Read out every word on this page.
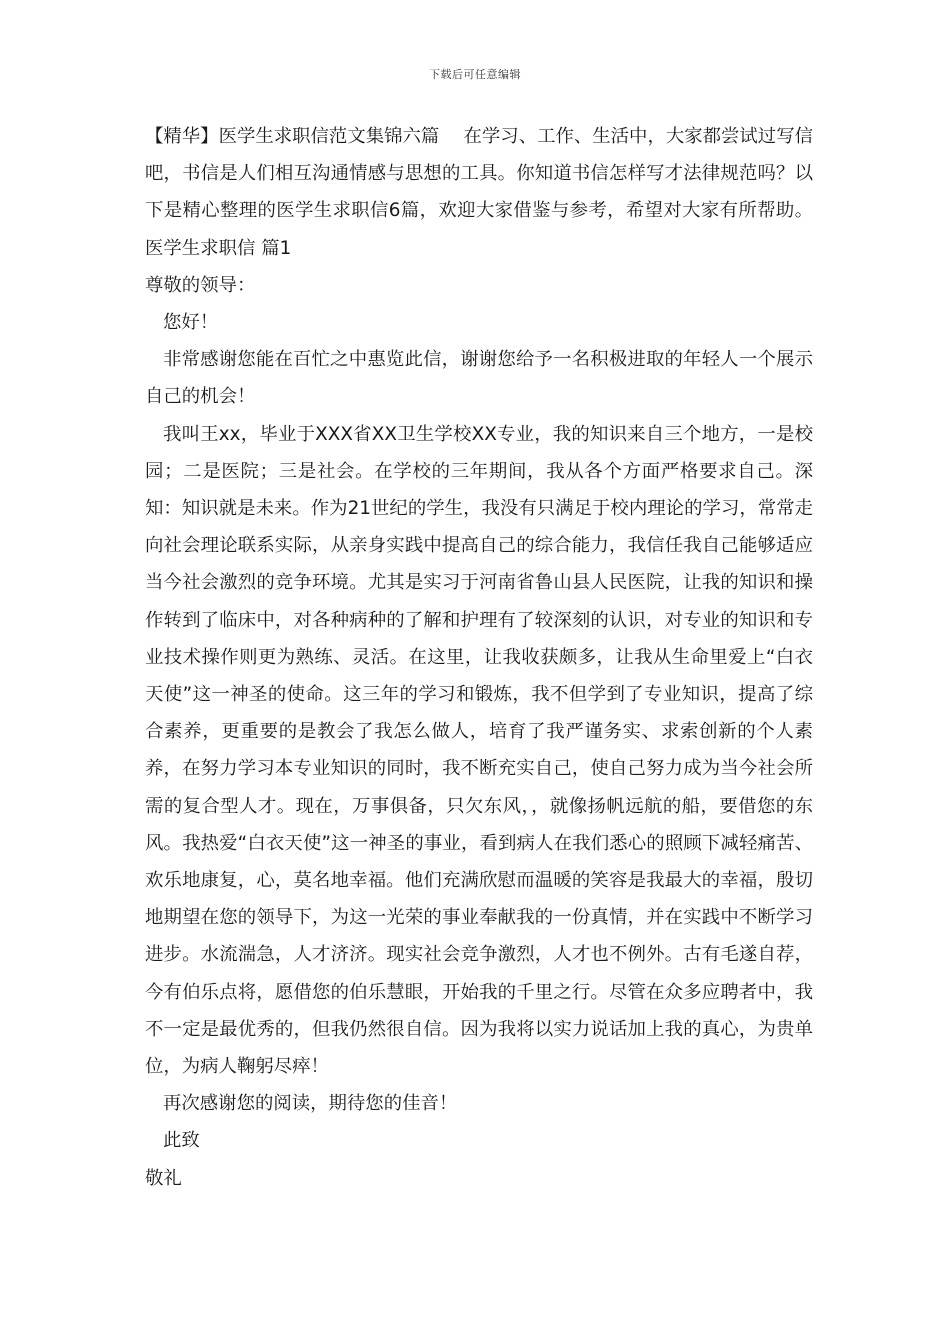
下载后可任意编辑

【精华】医学生求职信范文集锦六篇　 在学习、工作、生活中，大家都尝试过写信吧，书信是人们相互沟通情感与思想的工具。你知道书信怎样写才法律规范吗？以下是精心整理的医学生求职信6篇，欢迎大家借鉴与参考，希望对大家有所帮助。医学生求职信 篇1

尊敬的领导：

您好！

非常感谢您能在百忙之中惠览此信，谢谢您给予一名积极进取的年轻人一个展示自己的机会！

我叫王xx，毕业于XXX省XX卫生学校XX专业，我的知识来自三个地方，一是校园；二是医院；三是社会。在学校的三年期间，我从各个方面严格要求自己。深知：知识就是未来。作为21世纪的学生，我没有只满足于校内理论的学习，常常走向社会理论联系实际，从亲身实践中提高自己的综合能力，我信任我自己能够适应当今社会激烈的竞争环境。尤其是实习于河南省鲁山县人民医院，让我的知识和操作转到了临床中，对各种病种的了解和护理有了较深刻的认识，对专业的知识和专业技术操作则更为熟练、灵活。在这里，让我收获颇多，让我从生命里爱上“白衣天使”这一神圣的使命。这三年的学习和锻炼，我不但学到了专业知识，提高了综合素养，更重要的是教会了我怎么做人，培育了我严谨务实、求索创新的个人素养，在努力学习本专业知识的同时，我不断充实自己，使自己努力成为当今社会所需的复合型人才。现在，万事俱备，只欠东风，，就像扬帆远航的船，要借您的东风。我热爱“白衣天使”这一神圣的事业，看到病人在我们悉心的照顾下减轻痛苦、欢乐地康复，心，莫名地幸福。他们充满欣慰而温暖的笑容是我最大的幸福，殷切地期望在您的领导下，为这一光荣的事业奉献我的一份真情，并在实践中不断学习进步。水流湍急，人才济济。现实社会竞争激烈，人才也不例外。古有毛遂自荐，今有伯乐点将，愿借您的伯乐慧眼，开始我的千里之行。尽管在众多应聘者中，我不一定是最优秀的，但我仍然很自信。因为我将以实力说话加上我的真心，为贵单位，为病人鞠躬尽瘁！

再次感谢您的阅读，期待您的佳音！

此致

敬礼
